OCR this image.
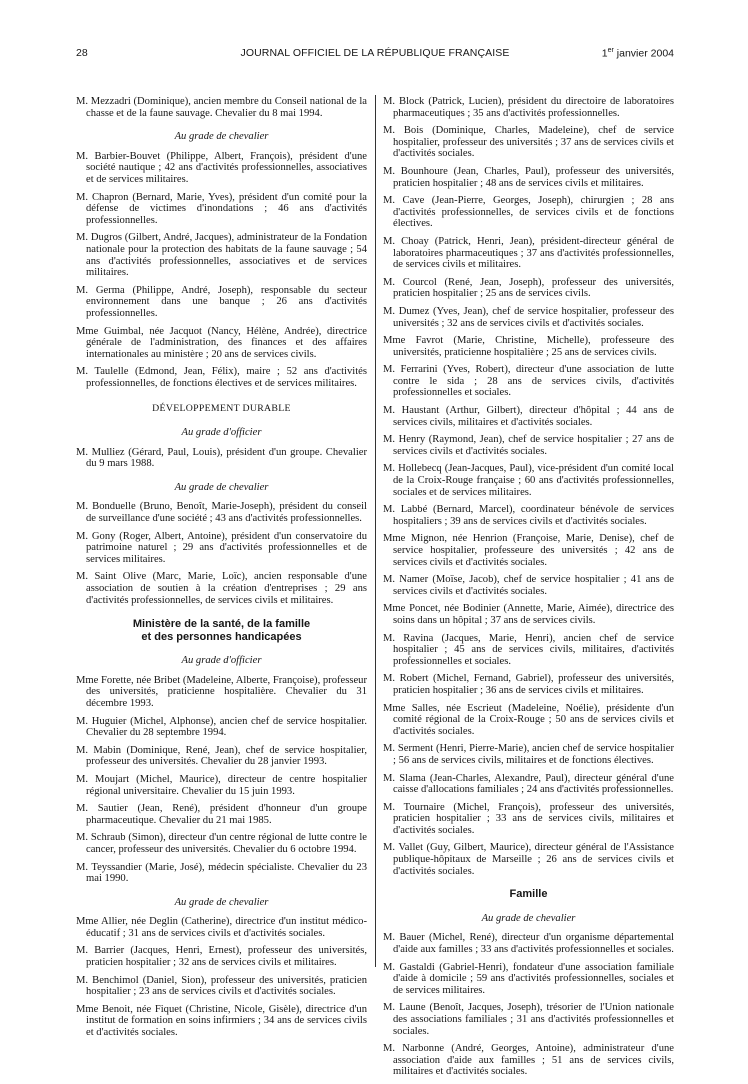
28	JOURNAL OFFICIEL DE LA RÉPUBLIQUE FRANÇAISE	1er janvier 2004

M. Mezzadri (Dominique), ancien membre du Conseil national de la chasse et de la faune sauvage. Chevalier du 8 mai 1994.

Au grade de chevalier

M. Barbier-Bouvet (Philippe, Albert, François), président d'une société nautique ; 42 ans d'activités professionnelles, associatives et de services militaires.

M. Chapron (Bernard, Marie, Yves), président d'un comité pour la défense de victimes d'inondations ; 46 ans d'activités professionnelles.

M. Dugros (Gilbert, André, Jacques), administrateur de la Fondation nationale pour la protection des habitats de la faune sauvage ; 54 ans d'activités professionnelles, associatives et de services militaires.

M. Germa (Philippe, André, Joseph), responsable du secteur environnement dans une banque ; 26 ans d'activités professionnelles.

Mme Guimbal, née Jacquot (Nancy, Hélène, Andrée), directrice générale de l'administration, des finances et des affaires internationales au ministère ; 20 ans de services civils.

M. Taulelle (Edmond, Jean, Félix), maire ; 52 ans d'activités professionnelles, de fonctions électives et de services militaires.

DÉVELOPPEMENT DURABLE
Au grade d'officier

M. Mulliez (Gérard, Paul, Louis), président d'un groupe. Chevalier du 9 mars 1988.

Au grade de chevalier

M. Bonduelle (Bruno, Benoît, Marie-Joseph), président du conseil de surveillance d'une société ; 43 ans d'activités professionnelles.

M. Gony (Roger, Albert, Antoine), président d'un conservatoire du patrimoine naturel ; 29 ans d'activités professionnelles et de services militaires.

M. Saint Olive (Marc, Marie, Loïc), ancien responsable d'une association de soutien à la création d'entreprises ; 29 ans d'activités professionnelles, de services civils et militaires.

Ministère de la santé, de la famille
et des personnes handicapées
Au grade d'officier

Mme Forette, née Bribet (Madeleine, Alberte, Françoise), professeur des universités, praticienne hospitalière. Chevalier du 31 décembre 1993.

M. Huguier (Michel, Alphonse), ancien chef de service hospitalier. Chevalier du 28 septembre 1994.

M. Mabin (Dominique, René, Jean), chef de service hospitalier, professeur des universités. Chevalier du 28 janvier 1993.

M. Moujart (Michel, Maurice), directeur de centre hospitalier régional universitaire. Chevalier du 15 juin 1993.

M. Sautier (Jean, René), président d'honneur d'un groupe pharmaceutique. Chevalier du 21 mai 1985.

M. Schraub (Simon), directeur d'un centre régional de lutte contre le cancer, professeur des universités. Chevalier du 6 octobre 1994.

M. Teyssandier (Marie, José), médecin spécialiste. Chevalier du 23 mai 1990.

Au grade de chevalier

Mme Allier, née Deglin (Catherine), directrice d'un institut médico-éducatif ; 31 ans de services civils et d'activités sociales.

M. Barrier (Jacques, Henri, Ernest), professeur des universités, praticien hospitalier ; 32 ans de services civils et militaires.

M. Benchimol (Daniel, Sion), professeur des universités, praticien hospitalier ; 23 ans de services civils et d'activités sociales.

Mme Benoit, née Fiquet (Christine, Nicole, Gisèle), directrice d'un institut de formation en soins infirmiers ; 34 ans de services civils et d'activités sociales.

M. Block (Patrick, Lucien), président du directoire de laboratoires pharmaceutiques ; 35 ans d'activités professionnelles.

M. Bois (Dominique, Charles, Madeleine), chef de service hospitalier, professeur des universités ; 37 ans de services civils et d'activités sociales.

M. Bounhoure (Jean, Charles, Paul), professeur des universités, praticien hospitalier ; 48 ans de services civils et militaires.

M. Cave (Jean-Pierre, Georges, Joseph), chirurgien ; 28 ans d'activités professionnelles, de services civils et de fonctions électives.

M. Choay (Patrick, Henri, Jean), président-directeur général de laboratoires pharmaceutiques ; 37 ans d'activités professionnelles, de services civils et militaires.

M. Courcol (René, Jean, Joseph), professeur des universités, praticien hospitalier ; 25 ans de services civils.

M. Dumez (Yves, Jean), chef de service hospitalier, professeur des universités ; 32 ans de services civils et d'activités sociales.

Mme Favrot (Marie, Christine, Michelle), professeure des universités, praticienne hospitalière ; 25 ans de services civils.

M. Ferrarini (Yves, Robert), directeur d'une association de lutte contre le sida ; 28 ans de services civils, d'activités professionnelles et sociales.

M. Haustant (Arthur, Gilbert), directeur d'hôpital ; 44 ans de services civils, militaires et d'activités sociales.

M. Henry (Raymond, Jean), chef de service hospitalier ; 27 ans de services civils et d'activités sociales.

M. Hollebecq (Jean-Jacques, Paul), vice-président d'un comité local de la Croix-Rouge française ; 60 ans d'activités professionnelles, sociales et de services militaires.

M. Labbé (Bernard, Marcel), coordinateur bénévole de services hospitaliers ; 39 ans de services civils et d'activités sociales.

Mme Mignon, née Henrion (Françoise, Marie, Denise), chef de service hospitalier, professeure des universités ; 42 ans de services civils et d'activités sociales.

M. Namer (Moïse, Jacob), chef de service hospitalier ; 41 ans de services civils et d'activités sociales.

Mme Poncet, née Bodinier (Annette, Marie, Aimée), directrice des soins dans un hôpital ; 37 ans de services civils.

M. Ravina (Jacques, Marie, Henri), ancien chef de service hospitalier ; 45 ans de services civils, militaires, d'activités professionnelles et sociales.

M. Robert (Michel, Fernand, Gabriel), professeur des universités, praticien hospitalier ; 36 ans de services civils et militaires.

Mme Salles, née Escrieut (Madeleine, Noélie), présidente d'un comité régional de la Croix-Rouge ; 50 ans de services civils et d'activités sociales.

M. Serment (Henri, Pierre-Marie), ancien chef de service hospitalier ; 56 ans de services civils, militaires et de fonctions électives.

M. Slama (Jean-Charles, Alexandre, Paul), directeur général d'une caisse d'allocations familiales ; 24 ans d'activités professionnelles.

M. Tournaire (Michel, François), professeur des universités, praticien hospitalier ; 33 ans de services civils, militaires et d'activités sociales.

M. Vallet (Guy, Gilbert, Maurice), directeur général de l'Assistance publique-hôpitaux de Marseille ; 26 ans de services civils et d'activités sociales.

Famille
Au grade de chevalier

M. Bauer (Michel, René), directeur d'un organisme départemental d'aide aux familles ; 33 ans d'activités professionnelles et sociales.

M. Gastaldi (Gabriel-Henri), fondateur d'une association familiale d'aide à domicile ; 59 ans d'activités professionnelles, sociales et de services militaires.

M. Laune (Benoît, Jacques, Joseph), trésorier de l'Union nationale des associations familiales ; 31 ans d'activités professionnelles et sociales.

M. Narbonne (André, Georges, Antoine), administrateur d'une association d'aide aux familles ; 51 ans de services civils, militaires et d'activités sociales.
